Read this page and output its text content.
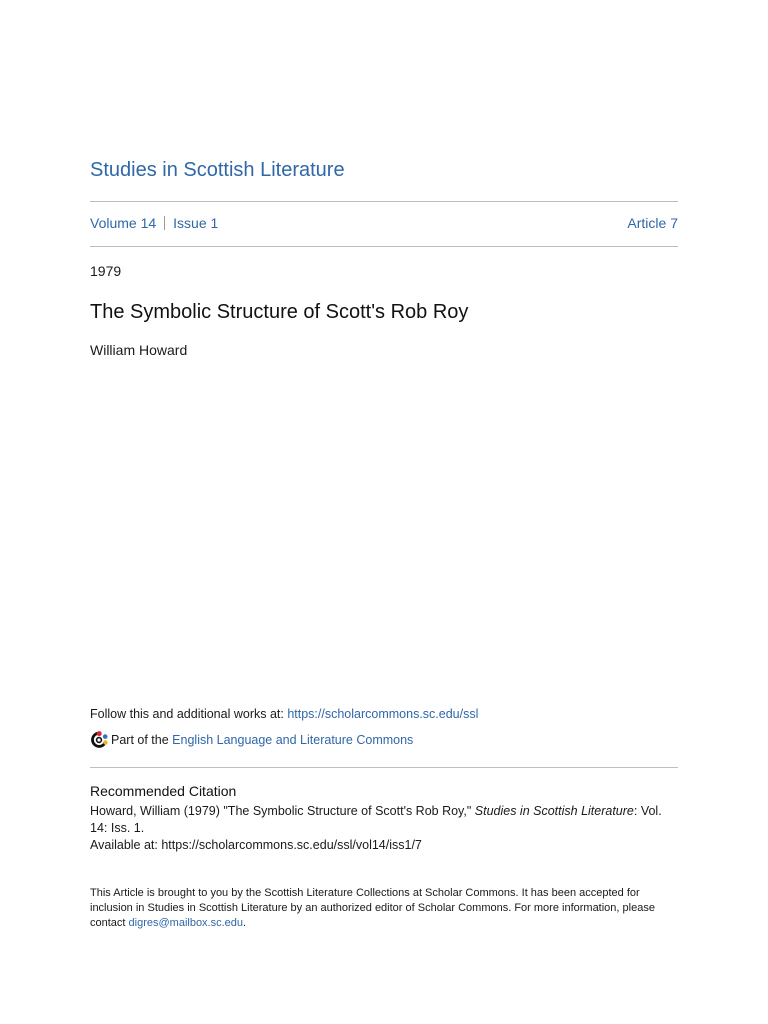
Studies in Scottish Literature
Volume 14 Issue 1	Article 7
1979
The Symbolic Structure of Scott's Rob Roy
William Howard
Follow this and additional works at: https://scholarcommons.sc.edu/ssl
Part of the
English Language and Literature Commons
Recommended Citation
Howard, William (1979) "The Symbolic Structure of Scott's Rob Roy," Studies in Scottish Literature: Vol. 14: Iss. 1.
Available at: https://scholarcommons.sc.edu/ssl/vol14/iss1/7
This Article is brought to you by the Scottish Literature Collections at Scholar Commons. It has been accepted for inclusion in Studies in Scottish Literature by an authorized editor of Scholar Commons. For more information, please contact digres@mailbox.sc.edu.
